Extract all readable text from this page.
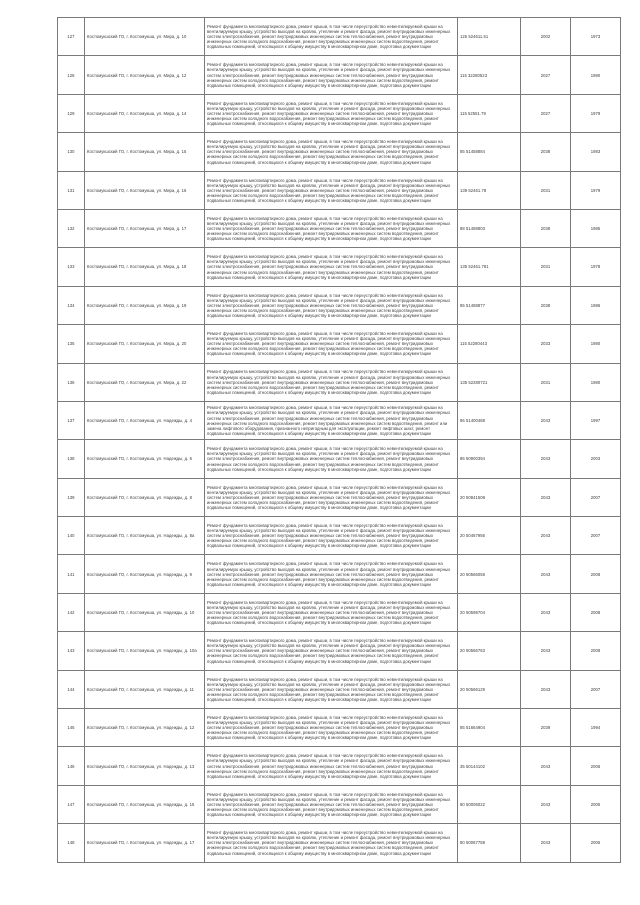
127	Костомукшский ГО, г. Костомукша, ул. Мира, д. 10	Ремонт фундамента многоквартирного дома, ремонт крыши, в том числе переустройство невентилируемой крыши на вентилируемую крышу, устройство выходов на кровлю, утепление и ремонт фасада, ремонт внутридомовых инженерных систем электроснабжения, ремонт внутридомовых инженерных систем теплоснабжения, ремонт внутридомовых инженерных систем холодного водоснабжения, ремонт внутридомовых инженерных систем водоотведения, ремонт подвальных помещений, относящихся к общему имуществу в многоквартирном доме, подготовка документации	125 524611.51	2002	1973
128	Костомукшский ГО, г. Костомукша, ул. Мира, д. 12	Ремонт фундамента многоквартирного дома, ремонт крыши, в том числе переустройство невентилируемой крыши на вентилируемую крышу, устройство выходов на кровлю, утепление и ремонт фасада, ремонт внутридомовых инженерных систем электроснабжения, ремонт внутридомовых инженерных систем теплоснабжения, ремонт внутридомовых инженерных систем холодного водоснабжения, ремонт внутридомовых инженерных систем водоотведения, ремонт подвальных помещений, относящихся к общему имуществу в многоквартирном доме, подготовка документации	115 32280523	2027	1980
129	Костомукшский ГО, г. Костомукша, ул. Мира, д. 14	Ремонт фундамента многоквартирного дома, ремонт крыши, в том числе переустройство невентилируемой крыши на вентилируемую крышу, устройство выходов на кровлю, утепление и ремонт фасада, ремонт внутридомовых инженерных систем электроснабжения, ремонт внутридомовых инженерных систем теплоснабжения, ремонт внутридомовых инженерных систем холодного водоснабжения, ремонт внутридомовых инженерных систем водоотведения, ремонт подвальных помещений, относящихся к общему имуществу в многоквартирном доме, подготовка документации	115 52551.79	2027	1979
130	Костомукшский ГО, г. Костомукша, ул. Мира, д. 15	Ремонт фундамента многоквартирного дома, ремонт крыши, в том числе переустройство невентилируемой крыши на вентилируемую крышу, устройство выходов на кровлю, утепление и ремонт фасада, ремонт внутридомовых инженерных систем электроснабжения, ремонт внутридомовых инженерных систем теплоснабжения, ремонт внутридомовых инженерных систем холодного водоснабжения, ремонт внутридомовых инженерных систем водоотведения, ремонт подвальных помещений, относящихся к общему имуществу в многоквартирном доме, подготовка документации	85 51458884	2038	1983
131	Костомукшский ГО, г. Костомукша, ул. Мира, д. 16	Ремонт фундамента многоквартирного дома, ремонт крыши, в том числе переустройство невентилируемой крыши на вентилируемую крышу, устройство выходов на кровлю, утепление и ремонт фасада, ремонт внутридомовых инженерных систем электроснабжения, ремонт внутридомовых инженерных систем теплоснабжения, ремонт внутридомовых инженерных систем холодного водоснабжения, ремонт внутридомовых инженерных систем водоотведения, ремонт подвальных помещений, относящихся к общему имуществу в многоквартирном доме, подготовка документации	139 52461.78	2031	1979
132	Костомукшский ГО, г. Костомукша, ул. Мира, д. 17	Ремонт фундамента многоквартирного дома, ремонт крыши, в том числе переустройство невентилируемой крыши на вентилируемую крышу, устройство выходов на кровлю, утепление и ремонт фасада, ремонт внутридомовых инженерных систем электроснабжения, ремонт внутридомовых инженерных систем теплоснабжения, ремонт внутридомовых инженерных систем холодного водоснабжения, ремонт внутридомовых инженерных систем водоотведения, ремонт подвальных помещений, относящихся к общему имуществу в многоквартирном доме, подготовка документации	88 51488803	2038	1985
133	Костомукшский ГО, г. Костомукша, ул. Мира, д. 18	Ремонт фундамента многоквартирного дома, ремонт крыши, в том числе переустройство невентилируемой крыши на вентилируемую крышу, устройство выходов на кровлю, утепление и ремонт фасада, ремонт внутридомовых инженерных систем электроснабжения, ремонт внутридомовых инженерных систем теплоснабжения, ремонт внутридомовых инженерных систем холодного водоснабжения, ремонт внутридомовых инженерных систем водоотведения, ремонт подвальных помещений, относящихся к общему имуществу в многоквартирном доме, подготовка документации	135 52461.781	2031	1978
134	Костомукшский ГО, г. Костомукша, ул. Мира, д. 19	Ремонт фундамента многоквартирного дома, ремонт крыши, в том числе переустройство невентилируемой крыши на вентилируемую крышу, устройство выходов на кровлю, утепление и ремонт фасада, ремонт внутридомовых инженерных систем электроснабжения, ремонт внутридомовых инженерных систем теплоснабжения, ремонт внутридомовых инженерных систем холодного водоснабжения, ремонт внутридомовых инженерных систем водоотведения, ремонт подвальных помещений, относящихся к общему имуществу в многоквартирном доме, подготовка документации	85 51488877	2038	1986
135	Костомукшский ГО, г. Костомукша, ул. Мира, д. 20	Ремонт фундамента многоквартирного дома, ремонт крыши, в том числе переустройство невентилируемой крыши на вентилируемую крышу, устройство выходов на кровлю, утепление и ремонт фасада, ремонт внутридомовых инженерных систем электроснабжения, ремонт внутридомовых инженерных систем теплоснабжения, ремонт внутридомовых инженерных систем холодного водоснабжения, ремонт внутридомовых инженерных систем водоотведения, ремонт подвальных помещений, относящихся к общему имуществу в многоквартирном доме, подготовка документации	115 52280443	2033	1980
136	Костомукшский ГО, г. Костомукша, ул. Мира, д. 22	Ремонт фундамента многоквартирного дома, ремонт крыши, в том числе переустройство невентилируемой крыши на вентилируемую крышу, устройство выходов на кровлю, утепление и ремонт фасада, ремонт внутридомовых инженерных систем электроснабжения, ремонт внутридомовых инженерных систем теплоснабжения, ремонт внутридомовых инженерных систем холодного водоснабжения, ремонт внутридомовых инженерных систем водоотведения, ремонт подвальных помещений, относящихся к общему имуществу в многоквартирном доме, подготовка документации	135 52280721	2031	1980
137	Костомукшский ГО, г. Костомукша, ул. Надежды, д. 4	Ремонт фундамента многоквартирного дома, ремонт крыши, в том числе переустройство невентилируемой крыши на вентилируемую крышу, устройство выходов на кровлю, утепление и ремонт фасада, ремонт внутридомовых инженерных систем электроснабжения, ремонт внутридомовых инженерных систем теплоснабжения, ремонт внутридомовых инженерных систем холодного водоснабжения, ремонт внутридомовых инженерных систем водоотведения, ремонт или замена лифтового оборудования, признанного непригодным для эксплуатации, ремонт лифтовых шахт, ремонт подвальных помещений, относящихся к общему имуществу в многоквартирном доме, подготовка документации	86 51400488	2043	1997
138	Костомукшский ГО, г. Костомукша, ул. Надежды, д. 6	Ремонт фундамента многоквартирного дома, ремонт крыши, в том числе переустройство невентилируемой крыши на вентилируемую крышу, устройство выходов на кровлю, утепление и ремонт фасада, ремонт внутридомовых инженерных систем электроснабжения, ремонт внутридомовых инженерных систем теплоснабжения, ремонт внутридомовых инженерных систем холодного водоснабжения, ремонт внутридомовых инженерных систем водоотведения, ремонт подвальных помещений, относящихся к общему имуществу в многоквартирном доме, подготовка документации	86 50900394	2043	2003
139	Костомукшский ГО, г. Костомукша, ул. Надежды, д. 8	Ремонт фундамента многоквартирного дома, ремонт крыши, в том числе переустройство невентилируемой крыши на вентилируемую крышу, устройство выходов на кровлю, утепление и ремонт фасада, ремонт внутридомовых инженерных систем электроснабжения, ремонт внутридомовых инженерных систем теплоснабжения, ремонт внутридомовых инженерных систем холодного водоснабжения, ремонт внутридомовых инженерных систем водоотведения, ремонт подвальных помещений, относящихся к общему имуществу в многоквартирном доме, подготовка документации	20 50841508	2043	2007
140	Костомукшский ГО, г. Костомукша, ул. Надежды, д. 8а	Ремонт фундамента многоквартирного дома, ремонт крыши, в том числе переустройство невентилируемой крыши на вентилируемую крышу, устройство выходов на кровлю, утепление и ремонт фасада, ремонт внутридомовых инженерных систем электроснабжения, ремонт внутридомовых инженерных систем теплоснабжения, ремонт внутридомовых инженерных систем холодного водоснабжения, ремонт внутридомовых инженерных систем водоотведения, ремонт подвальных помещений, относящихся к общему имуществу в многоквартирном доме, подготовка документации	20 50467956	2043	2007
141	Костомукшский ГО, г. Костомукша, ул. Надежды, д. 9	Ремонт фундамента многоквартирного дома, ремонт крыши, в том числе переустройство невентилируемой крыши на вентилируемую крышу, устройство выходов на кровлю, утепление и ремонт фасада, ремонт внутридомовых инженерных систем электроснабжения, ремонт внутридомовых инженерных систем теплоснабжения, ремонт внутридомовых инженерных систем холодного водоснабжения, ремонт внутридомовых инженерных систем водоотведения, ремонт подвальных помещений, относящихся к общему имуществу в многоквартирном доме, подготовка документации	20 50566056	2043	2008
142	Костомукшский ГО, г. Костомукша, ул. Надежды, д. 10	Ремонт фундамента многоквартирного дома, ремонт крыши, в том числе переустройство невентилируемой крыши на вентилируемую крышу, устройство выходов на кровлю, утепление и ремонт фасада, ремонт внутридомовых инженерных систем электроснабжения, ремонт внутридомовых инженерных систем теплоснабжения, ремонт внутридомовых инженерных систем холодного водоснабжения, ремонт внутридомовых инженерных систем водоотведения, ремонт подвальных помещений, относящихся к общему имуществу в многоквартирном доме, подготовка документации	20 50598704	2043	2008
143	Костомукшский ГО, г. Костомукша, ул. Надежды, д. 10а	Ремонт фундамента многоквартирного дома, ремонт крыши, в том числе переустройство невентилируемой крыши на вентилируемую крышу, устройство выходов на кровлю, утепление и ремонт фасада, ремонт внутридомовых инженерных систем электроснабжения, ремонт внутридомовых инженерных систем теплоснабжения, ремонт внутридомовых инженерных систем холодного водоснабжения, ремонт внутридомовых инженерных систем водоотведения, ремонт подвальных помещений, относящихся к общему имуществу в многоквартирном доме, подготовка документации	20 50566763	2043	2008
144	Костомукшский ГО, г. Костомукша, ул. Надежды, д. 11	Ремонт фундамента многоквартирного дома, ремонт крыши, в том числе переустройство невентилируемой крыши на вентилируемую крышу, устройство выходов на кровлю, утепление и ремонт фасада, ремонт внутридомовых инженерных систем электроснабжения, ремонт внутридомовых инженерных систем теплоснабжения, ремонт внутридомовых инженерных систем холодного водоснабжения, ремонт внутридомовых инженерных систем водоотведения, ремонт подвальных помещений, относящихся к общему имуществу в многоквартирном доме, подготовка документации	20 50566129	2043	2007
145	Костомукшский ГО, г. Костомукша, ул. Надежды, д. 12	Ремонт фундамента многоквартирного дома, ремонт крыши, в том числе переустройство невентилируемой крыши на вентилируемую крышу, устройство выходов на кровлю, утепление и ремонт фасада, ремонт внутридомовых инженерных систем электроснабжения, ремонт внутридомовых инженерных систем теплоснабжения, ремонт внутридомовых инженерных систем холодного водоснабжения, ремонт внутридомовых инженерных систем водоотведения, ремонт подвальных помещений, относящихся к общему имуществу в многоквартирном доме, подготовка документации	85 51664904	2039	1994
146	Костомукшский ГО, г. Костомукша, ул. Надежды, д. 13	Ремонт фундамента многоквартирного дома, ремонт крыши, в том числе переустройство невентилируемой крыши на вентилируемую крышу, устройство выходов на кровлю, утепление и ремонт фасада, ремонт внутридомовых инженерных систем электроснабжения, ремонт внутридомовых инженерных систем теплоснабжения, ремонт внутридомовых инженерных систем холодного водоснабжения, ремонт внутридомовых инженерных систем водоотведения, ремонт подвальных помещений, относящихся к общему имуществу в многоквартирном доме, подготовка документации	35 50144102	2043	2006
147	Костомукшский ГО, г. Костомукша, ул. Надежды, д. 15	Ремонт фундамента многоквартирного дома, ремонт крыши, в том числе переустройство невентилируемой крыши на вентилируемую крышу, устройство выходов на кровлю, утепление и ремонт фасада, ремонт внутридомовых инженерных систем электроснабжения, ремонт внутридомовых инженерных систем теплоснабжения, ремонт внутридомовых инженерных систем холодного водоснабжения, ремонт внутридомовых инженерных систем водоотведения, ремонт подвальных помещений, относящихся к общему имуществу в многоквартирном доме, подготовка документации	80 50006022	2043	2005
148	Костомукшский ГО, г. Костомукша, ул. Надежды, д. 17	Ремонт фундамента многоквартирного дома, ремонт крыши, в том числе переустройство невентилируемой крыши на вентилируемую крышу, устройство выходов на кровлю, утепление и ремонт фасада, ремонт внутридомовых инженерных систем электроснабжения, ремонт внутридомовых инженерных систем теплоснабжения, ремонт внутридомовых инженерных систем холодного водоснабжения, ремонт внутридомовых инженерных систем водоотведения, ремонт подвальных помещений, относящихся к общему имуществу в многоквартирном доме, подготовка документации	80 50067788	2043	2005
